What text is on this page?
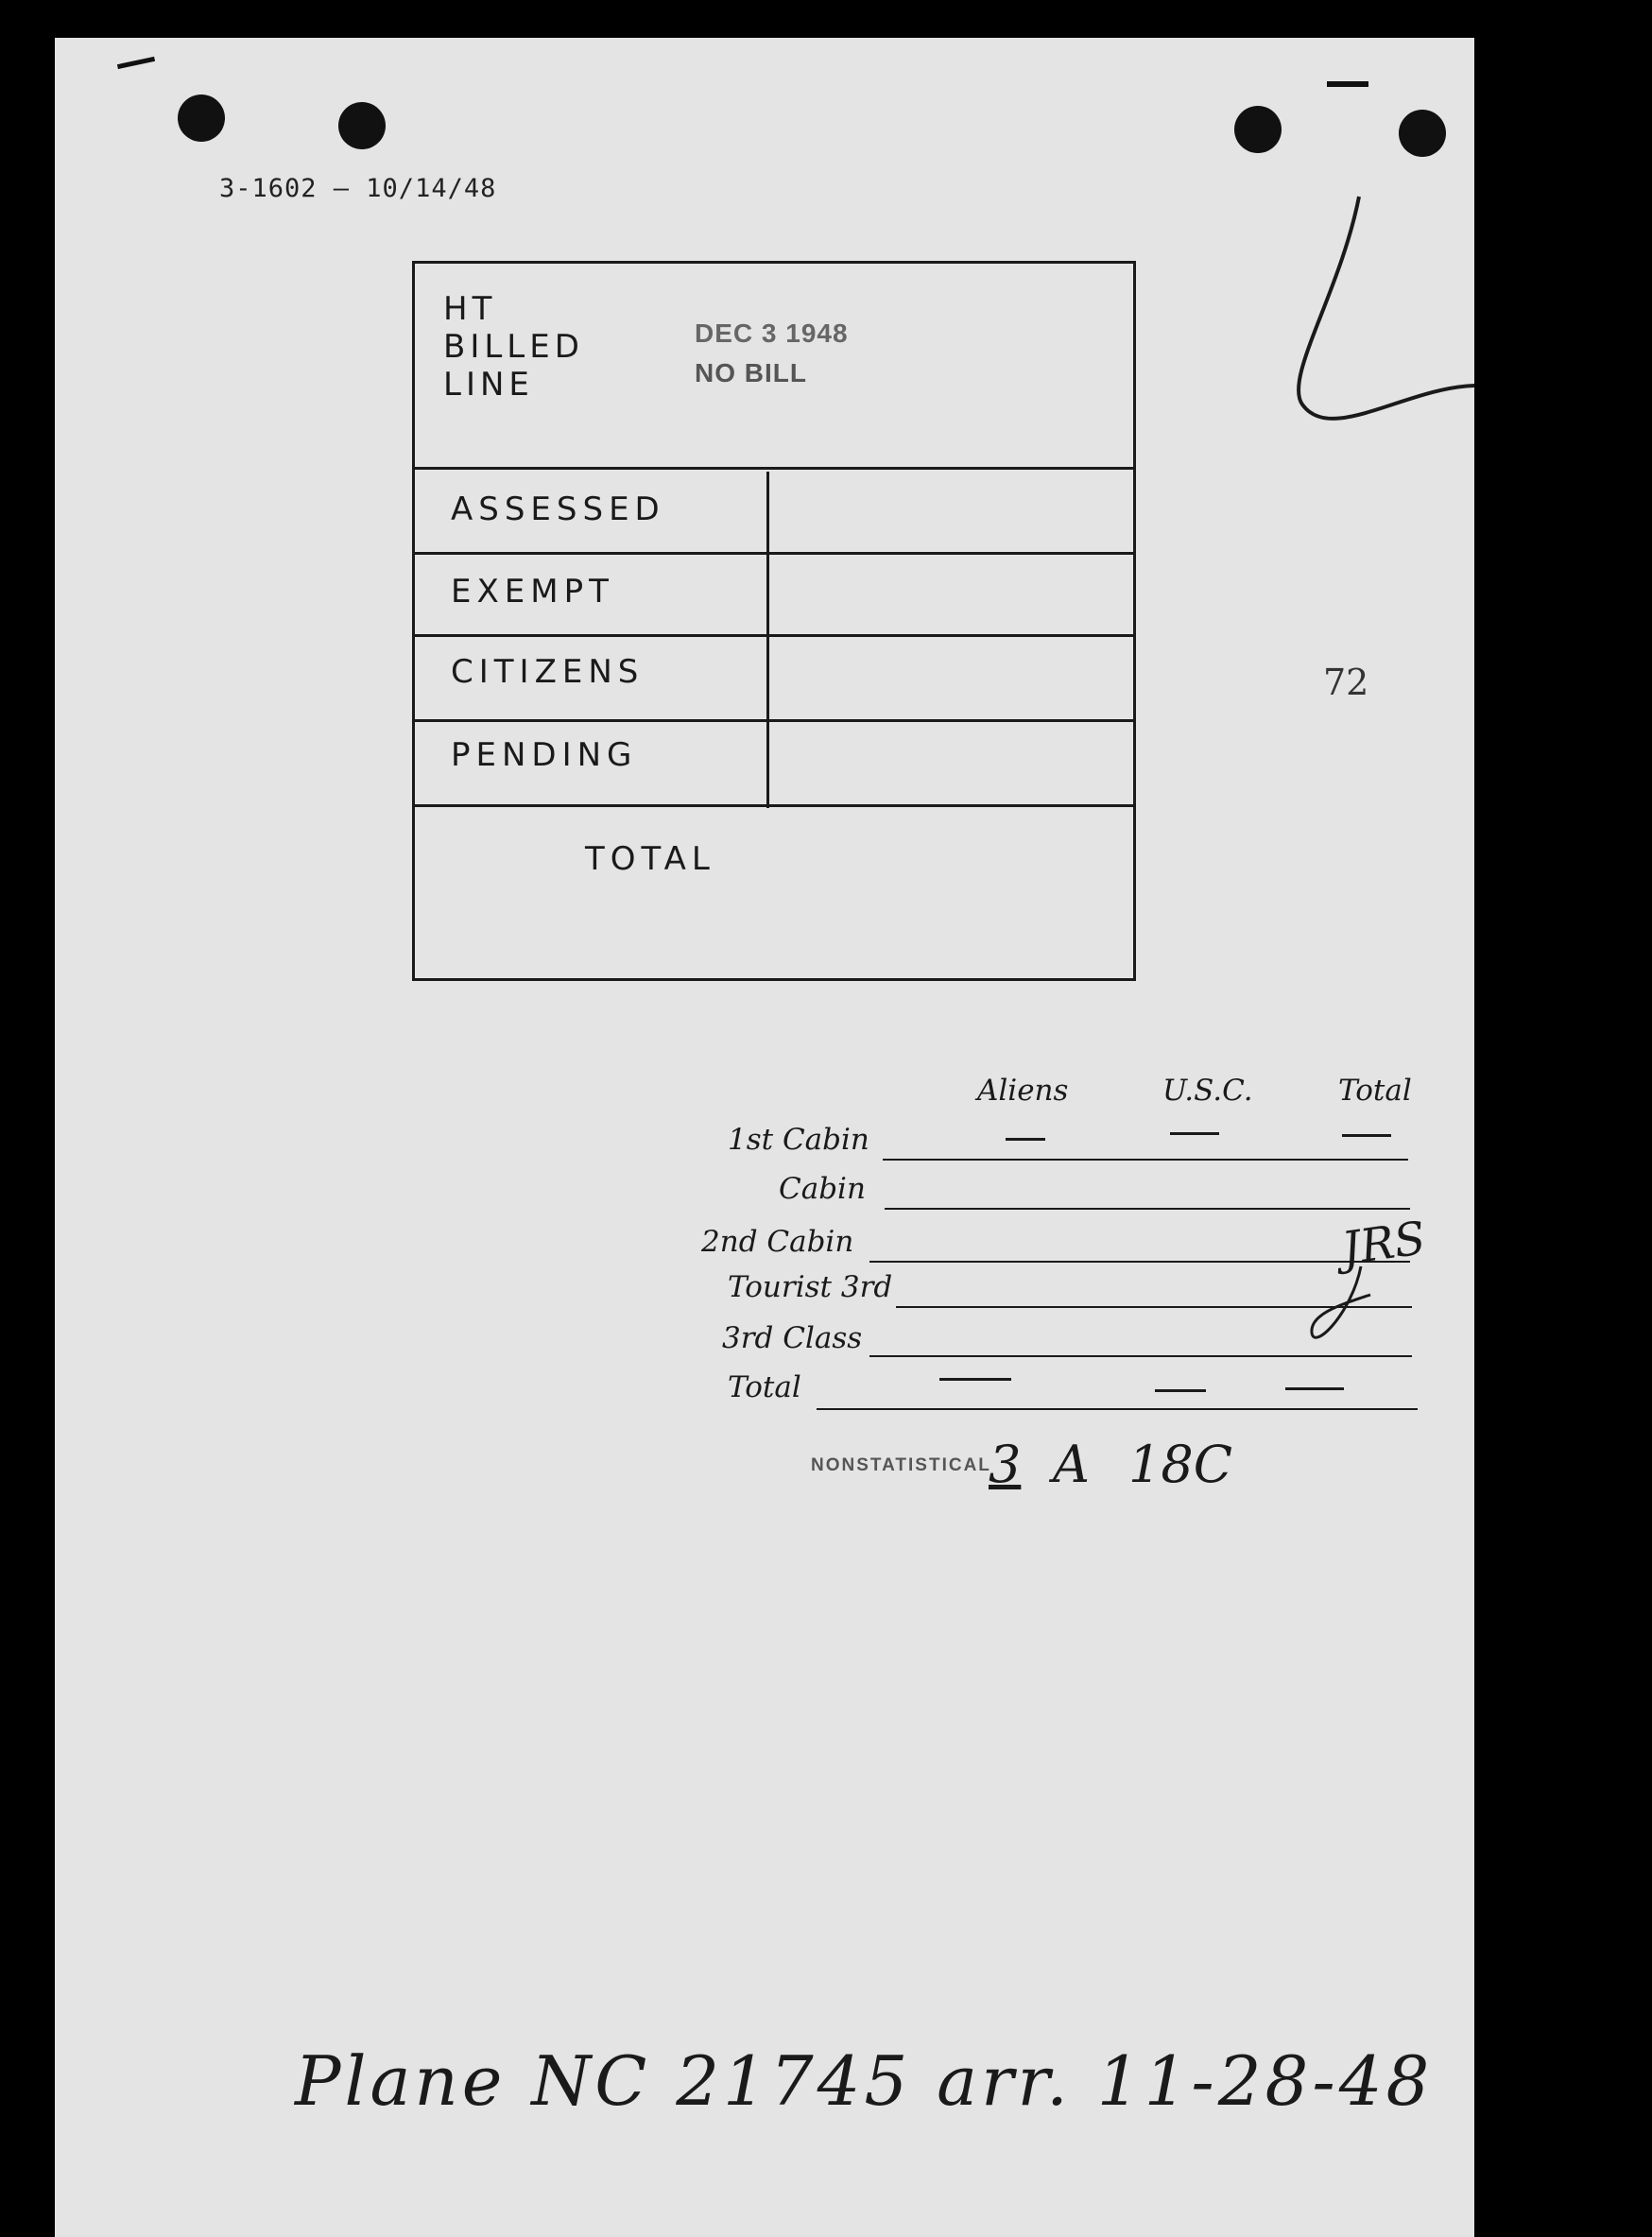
3-1602 — 10/14/48
HT
BILLED
LINE
DEC 3 1948
NO BILL
ASSESSED
EXEMPT
CITIZENS
PENDING
TOTAL
72
Aliens	U.S.C.	Total
1st Cabin
Cabin
2nd Cabin
Tourist 3rd
3rd Class
Total
JRS
NONSTATISTICAL
3 A 18C
Plane NC 21745 arr. 11-28-48
